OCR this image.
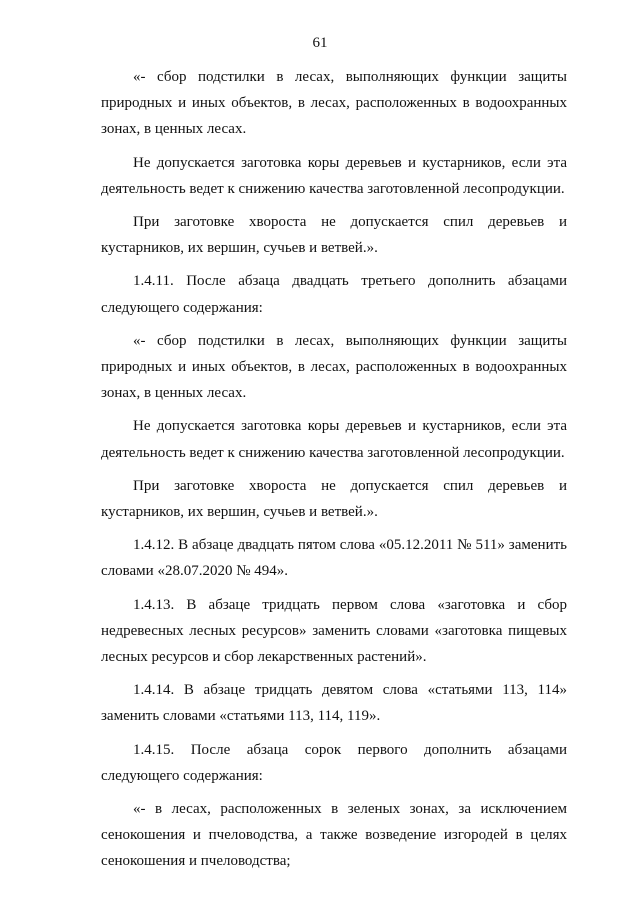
61

«- сбор подстилки в лесах, выполняющих функции защиты природных и иных объектов, в лесах, расположенных в водоохранных зонах, в ценных лесах.

Не допускается заготовка коры деревьев и кустарников, если эта деятельность ведет к снижению качества заготовленной лесопродукции.

При заготовке хвороста не допускается спил деревьев и кустарников, их вершин, сучьев и ветвей.».

1.4.11. После абзаца двадцать третьего дополнить абзацами следующего содержания:

«- сбор подстилки в лесах, выполняющих функции защиты природных и иных объектов, в лесах, расположенных в водоохранных зонах, в ценных лесах.

Не допускается заготовка коры деревьев и кустарников, если эта деятельность ведет к снижению качества заготовленной лесопродукции.

При заготовке хвороста не допускается спил деревьев и кустарников, их вершин, сучьев и ветвей.».

1.4.12. В абзаце двадцать пятом слова «05.12.2011 № 511» заменить словами «28.07.2020 № 494».

1.4.13. В абзаце тридцать первом слова «заготовка и сбор недревесных лесных ресурсов» заменить словами «заготовка пищевых лесных ресурсов и сбор лекарственных растений».

1.4.14. В абзаце тридцать девятом слова «статьями 113, 114» заменить словами «статьями 113, 114, 119».

1.4.15. После абзаца сорок первого дополнить абзацами следующего содержания:

«- в лесах, расположенных в зеленых зонах, за исключением сенокошения и пчеловодства, а также возведение изгородей в целях сенокошения и пчеловодства;
